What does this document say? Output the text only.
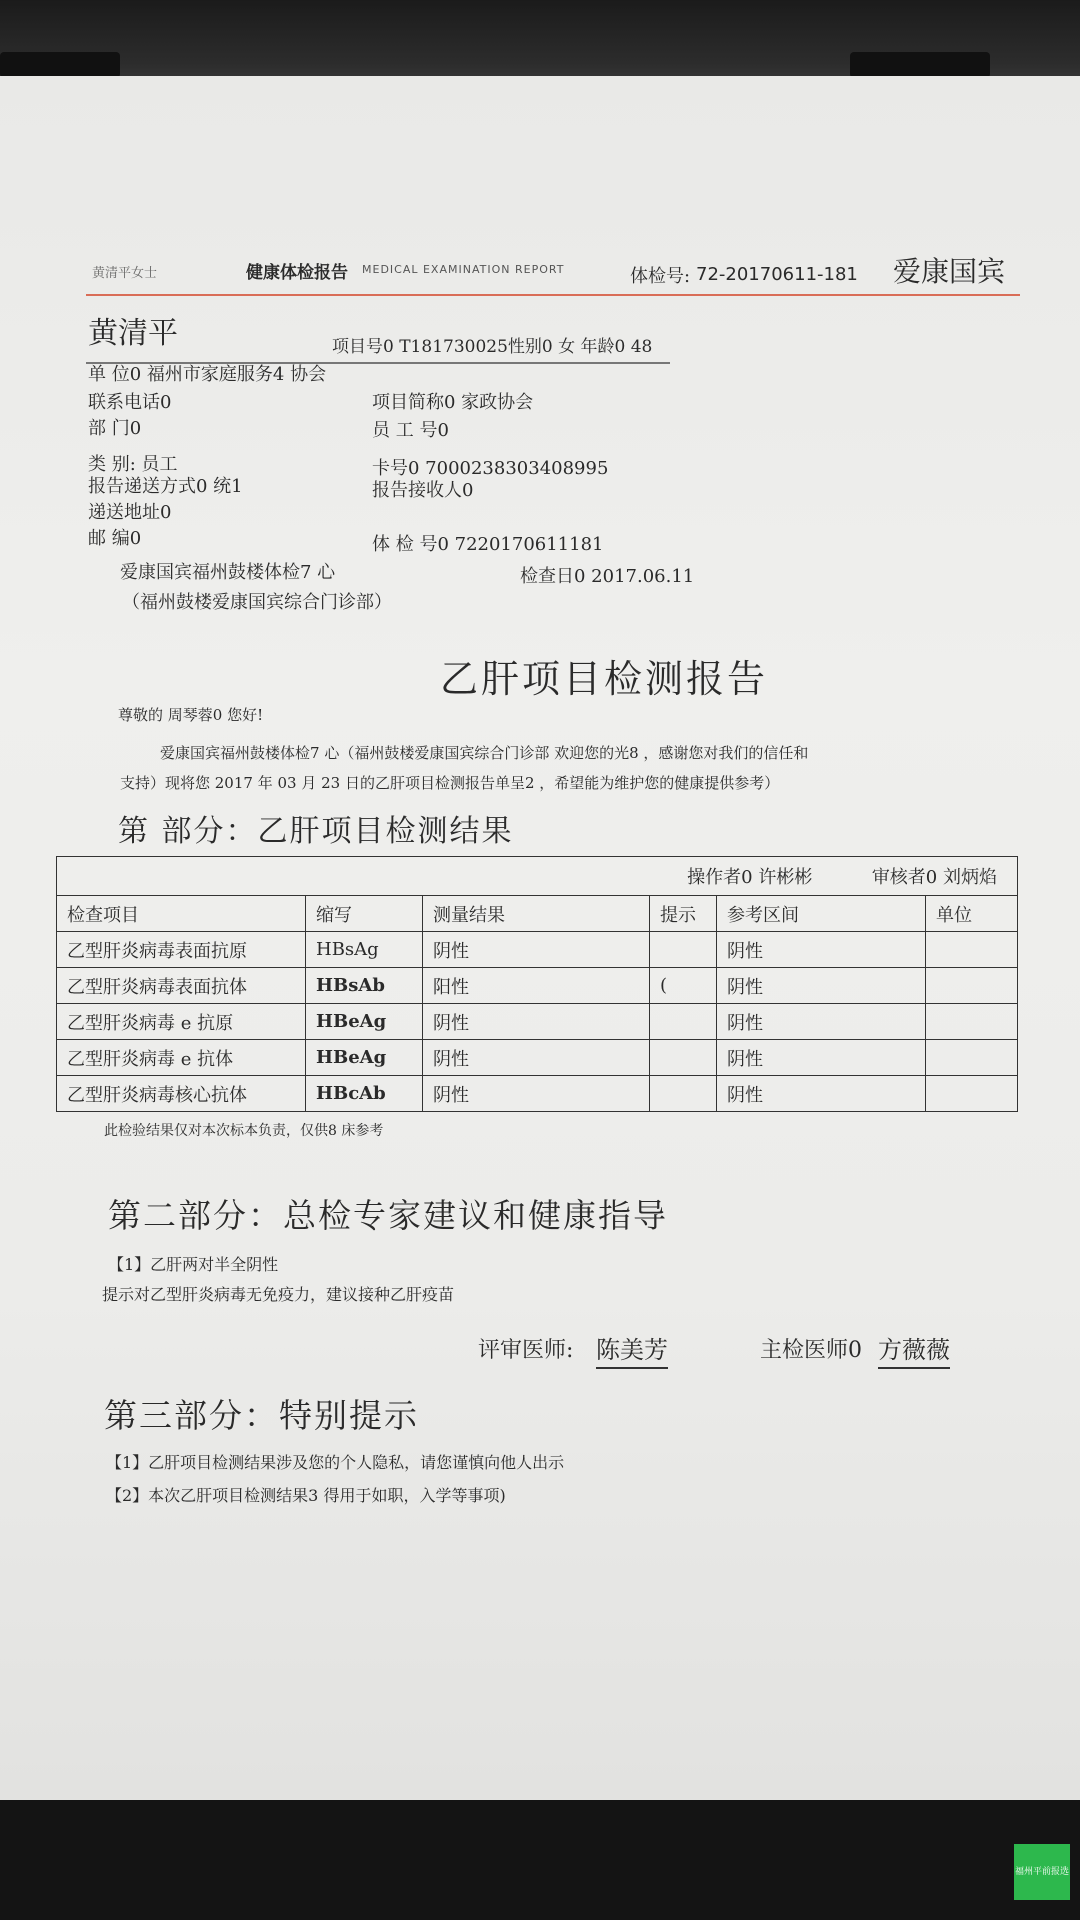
黄清平女士	健康体检报告 MEDICAL EXAMINATION REPORT	体检号: 72-20170611-181 爱康国宾
黄清平	项目号0 T181730025性别0 女 年龄0 48
单 位0 福州市家庭服务4 协会
联系电话0	项目简称0 家政协会
部 门0	员 工 号0
类 别: 员工	卡号0 7000238303408995
报告递送方式0 统1	报告接收人0
递送地址0
邮 编0	体 检 号0 7220170611181
爱康国宾福州鼓楼体检7 心	检查日0 2017.06.11
（福州鼓楼爱康国宾综合门诊部）
乙肝项目检测报告
尊敬的 周琴蓉0 您好!
爱康国宾福州鼓楼体检7 心（福州鼓楼爱康国宾综合门诊部 欢迎您的光8 ，感谢您对我们的信任和
支持）现将您 2017 年 03 月 23 日的乙肝项目检测报告单呈2 ，希望能为维护您的健康提供参考）
第 部分：乙肝项目检测结果
操作者0 许彬彬 审核者0 刘炳焰					
检查项目	缩写	测量结果	提示	参考区间	单位
乙型肝炎病毒表面抗原	HBsAg	阴性		阴性	
乙型肝炎病毒表面抗体	HBsAb	阳性	(	阴性	
乙型肝炎病毒 e 抗原	HBeAg	阴性		阴性	
乙型肝炎病毒 e 抗体	HBeAg	阴性		阴性	
乙型肝炎病毒核心抗体	HBcAb	阴性		阴性	
此检验结果仅对本次标本负责，仅供8 床参考
第二部分：总检专家建议和健康指导
【1】乙肝两对半全阴性
提示对乙型肝炎病毒无免疫力，建议接种乙肝疫苗
评审医师: 陈美芳	主检医师0 方薇薇
第三部分：特别提示
【1】乙肝项目检测结果涉及您的个人隐私，请您谨慎向他人出示
【2】本次乙肝项目检测结果3 得用于如职，入学等事项)
福州平前报选
